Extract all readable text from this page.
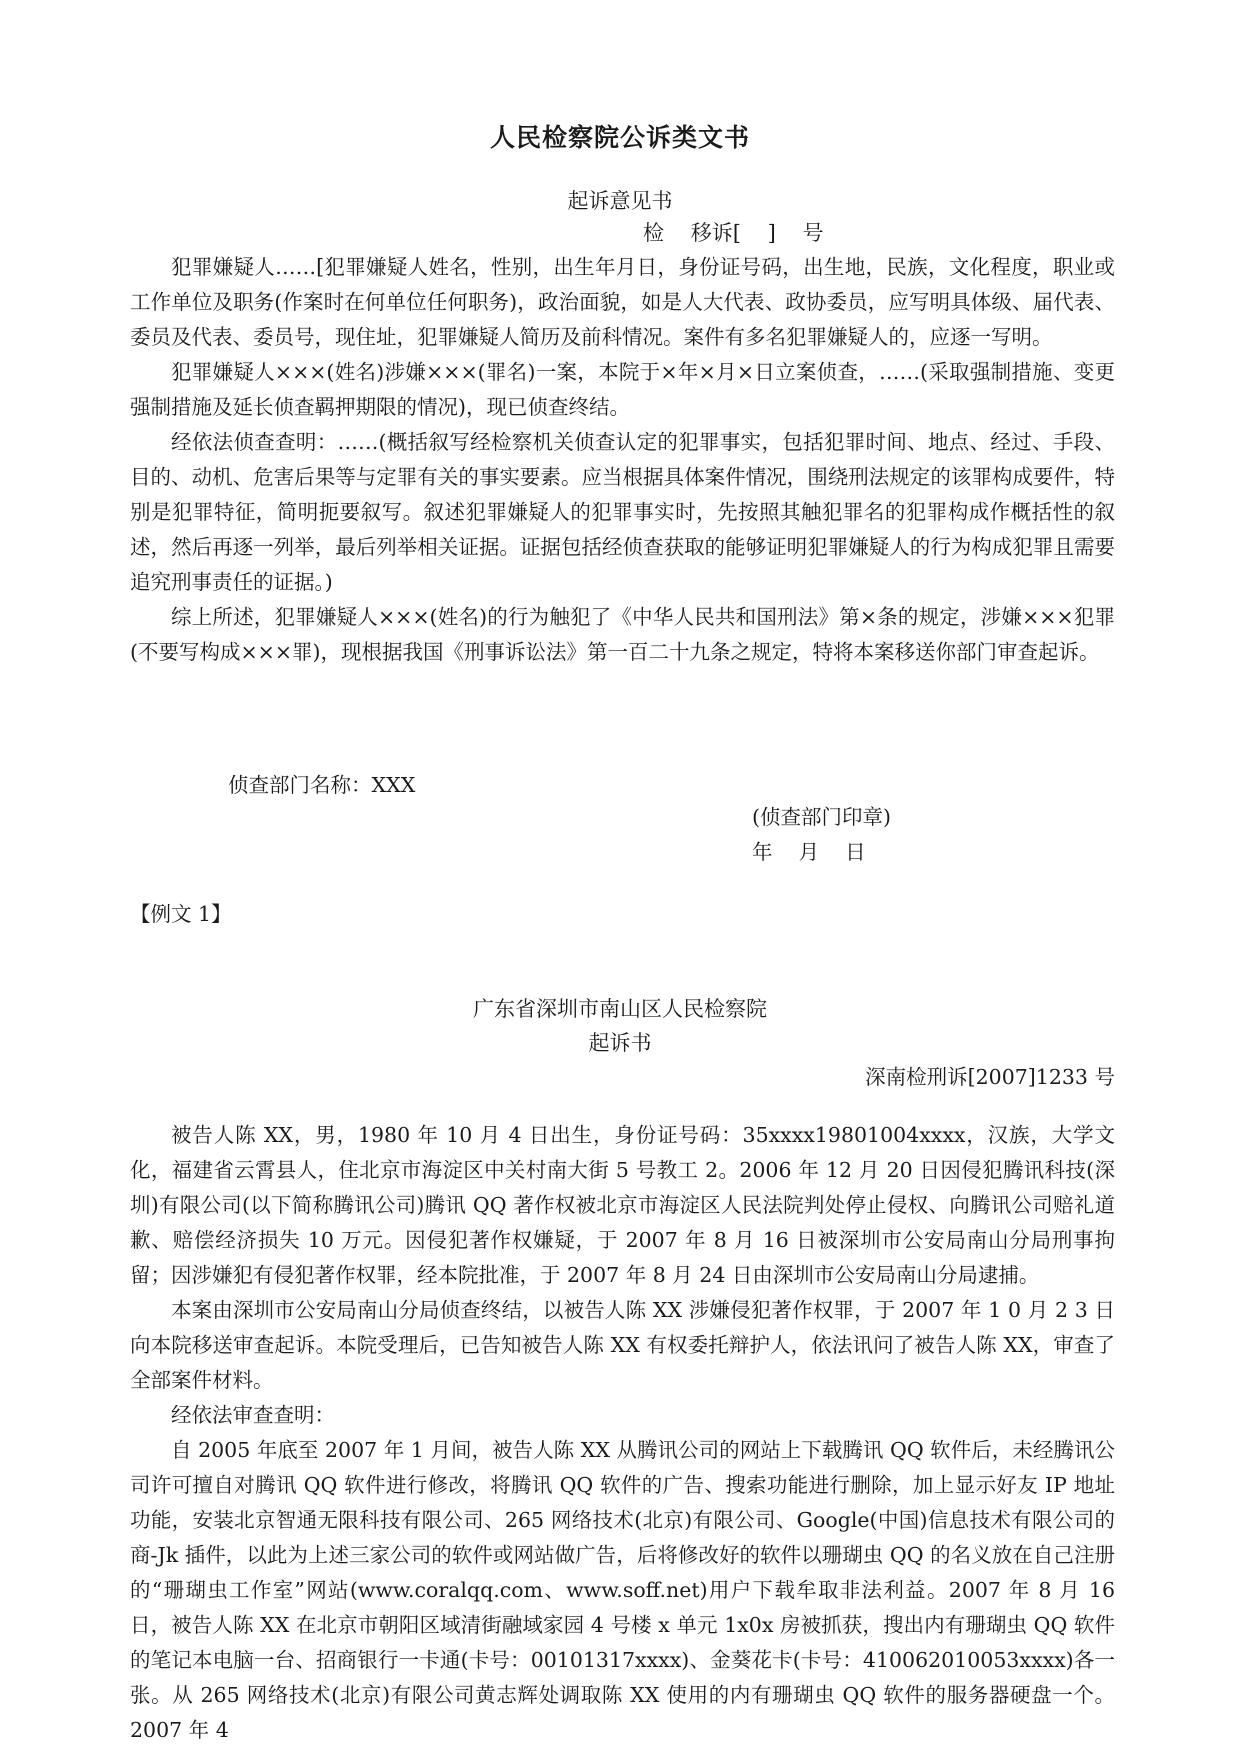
人民检察院公诉类文书
起诉意见书
检    移诉[    ]    号

犯罪嫌疑人……[犯罪嫌疑人姓名，性别，出生年月日，身份证号码，出生地，民族，文化程度，职业或工作单位及职务(作案时在何单位任何职务)，政治面貌，如是人大代表、政协委员，应写明具体级、届代表、委员及代表、委员号，现住址，犯罪嫌疑人简历及前科情况。案件有多名犯罪嫌疑人的，应逐一写明。

犯罪嫌疑人×××(姓名)涉嫌×××(罪名)一案，本院于×年×月×日立案侦查，……(采取强制措施、变更强制措施及延长侦查羁押期限的情况)，现已侦查终结。

经依法侦查查明：……(概括叙写经检察机关侦查认定的犯罪事实，包括犯罪时间、地点、经过、手段、目的、动机、危害后果等与定罪有关的事实要素。应当根据具体案件情况，围绕刑法规定的该罪构成要件，特别是犯罪特征，简明扼要叙写。叙述犯罪嫌疑人的犯罪事实时，先按照其触犯罪名的犯罪构成作概括性的叙述，然后再逐一列举，最后列举相关证据。证据包括经侦查获取的能够证明犯罪嫌疑人的行为构成犯罪且需要追究刑事责任的证据。)

综上所述，犯罪嫌疑人×××(姓名)的行为触犯了《中华人民共和国刑法》第×条的规定，涉嫌×××犯罪(不要写构成×××罪)，现根据我国《刑事诉讼法》第一百二十九条之规定，特将本案移送你部门审查起诉。

侦查部门名称：XXX
(侦查部门印章)
年    月    日
【例文 1】
广东省深圳市南山区人民检察院
起诉书
深南检刑诉[2007]1233 号

被告人陈 XX，男，1980 年 10 月 4 日出生，身份证号码：35xxxx19801004xxxx，汉族，大学文化，福建省云霄县人，住北京市海淀区中关村南大街 5 号教工 2。2006 年 12 月 20 日因侵犯腾讯科技(深圳)有限公司(以下简称腾讯公司)腾讯 QQ 著作权被北京市海淀区人民法院判处停止侵权、向腾讯公司赔礼道歉、赔偿经济损失 10 万元。因侵犯著作权嫌疑，于 2007 年 8 月 16 日被深圳市公安局南山分局刑事拘留；因涉嫌犯有侵犯著作权罪，经本院批准，于 2007 年 8 月 24 日由深圳市公安局南山分局逮捕。

本案由深圳市公安局南山分局侦查终结，以被告人陈 XX 涉嫌侵犯著作权罪，于 2007 年 1 0 月 2 3 日向本院移送审查起诉。本院受理后，已告知被告人陈 XX 有权委托辩护人，依法讯问了被告人陈 XX，审查了全部案件材料。

经依法审查查明：

自 2005 年底至 2007 年 1 月间，被告人陈 XX 从腾讯公司的网站上下载腾讯 QQ 软件后，未经腾讯公司许可擅自对腾讯 QQ 软件进行修改，将腾讯 QQ 软件的广告、搜索功能进行删除，加上显示好友 IP 地址功能，安装北京智通无限科技有限公司、265 网络技术(北京)有限公司、Google(中国)信息技术有限公司的商-Jk 插件，以此为上述三家公司的软件或网站做广告，后将修改好的软件以珊瑚虫 QQ 的名义放在自己注册的“珊瑚虫工作室”网站(www.coralqq.com、www.soff.net)用户下载牟取非法利益。2007 年 8 月 16 日，被告人陈 XX 在北京市朝阳区域清街融域家园 4 号楼 x 单元 1x0x 房被抓获，搜出内有珊瑚虫 QQ 软件的笔记本电脑一台、招商银行一卡通(卡号：00101317xxxx)、金葵花卡(卡号：410062010053xxxx)各一张。从 265 网络技术(北京)有限公司黄志辉处调取陈 XX 使用的内有珊瑚虫 QQ 软件的服务器硬盘一个。2007 年 4
